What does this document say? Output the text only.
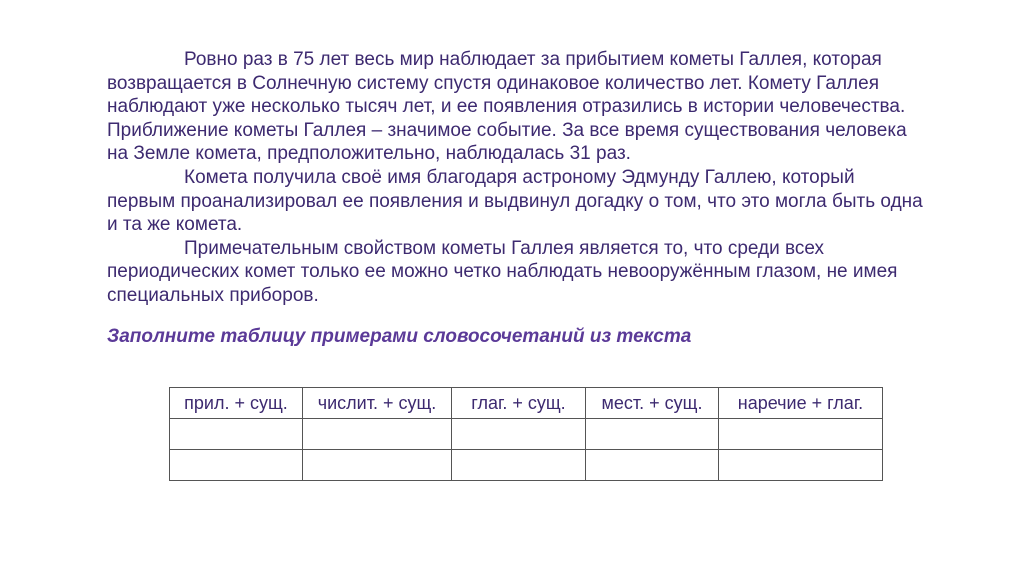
Ровно раз в 75 лет весь мир наблюдает за прибытием кометы Галлея, которая возвращается в Солнечную систему спустя одинаковое количество лет. Комету Галлея наблюдают уже несколько тысяч лет, и ее появления отразились в истории человечества. Приближение кометы Галлея – значимое событие. За все время существования человека на Земле комета, предположительно, наблюдалась 31 раз.

Комета получила своё имя благодаря астроному Эдмунду Галлею, который первым проанализировал ее появления и выдвинул догадку о том, что это могла быть одна и та же комета.

Примечательным свойством кометы Галлея является то, что среди всех периодических комет только ее можно четко наблюдать невооружённым глазом, не имея специальных приборов.

Заполните таблицу примерами словосочетаний из текста

прил. + сущ.	числит. + сущ.	глаг. + сущ.	мест. + сущ.	наречие + глаг.
